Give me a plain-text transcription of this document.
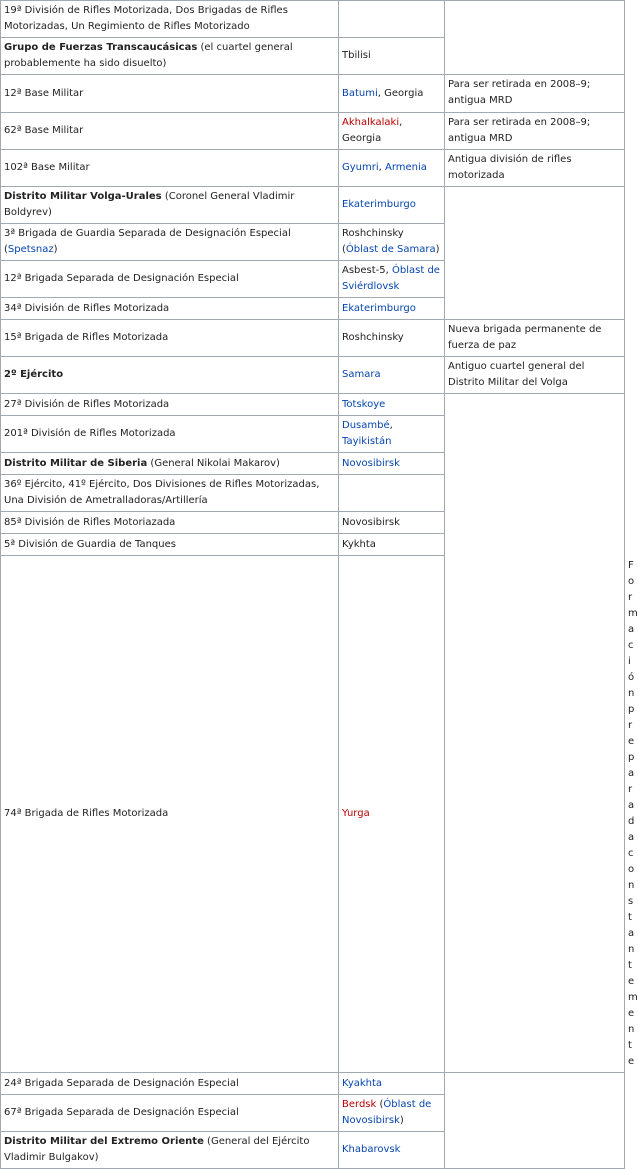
19ª División de Rifles Motorizada, Dos Brigadas de Rifles Motorizadas, Un Regimiento de Rifles Motorizado			
Grupo de Fuerzas Transcaucásicas (el cuartel general probablemente ha sido disuelto)	Tbilisi		
12ª Base Militar	Batumi, Georgia	Para ser retirada en 2008–9; antigua MRD	
62ª Base Militar	Akhalkalaki, Georgia	Para ser retirada en 2008–9; antigua MRD	
102ª Base Militar	Gyumri, Armenia	Antigua división de rifles motorizada	
Distrito Militar Volga-Urales (Coronel General Vladimir Boldyrev)	Ekaterimburgo		
3ª Brigada de Guardia Separada de Designación Especial (Spetsnaz)	Roshchinsky (Óblast de Samara)		
12ª Brigada Separada de Designación Especial	Asbest-5, Óblast de Sviérdlovsk		
34ª División de Rifles Motorizada	Ekaterimburgo		
15ª Brigada de Rifles Motorizada	Roshchinsky	Nueva brigada permanente de fuerza de paz	
2º Ejército	Samara	Antiguo cuartel general del Distrito Militar del Volga	
27ª División de Rifles Motorizada	Totskoye		
201ª División de Rifles Motorizada	Dusambé, Tayikistán		
Distrito Militar de Siberia (General Nikolai Makarov)	Novosibirsk		
36º Ejército, 41º Ejército, Dos Divisiones de Rifles Motorizadas, Una División de Ametralladoras/Artillería			
85ª División de Rifles Motoriazada	Novosibirsk		
5ª División de Guardia de Tanques	Kykhta		
74ª Brigada de Rifles Motorizada	Yurga		Formación preparada constantemente
24ª Brigada Separada de Designación Especial	Kyakhta		
67ª Brigada Separada de Designación Especial	Berdsk (Óblast de Novosibirsk)		
Distrito Militar del Extremo Oriente (General del Ejército Vladimir Bulgakov)	Khabarovsk		
